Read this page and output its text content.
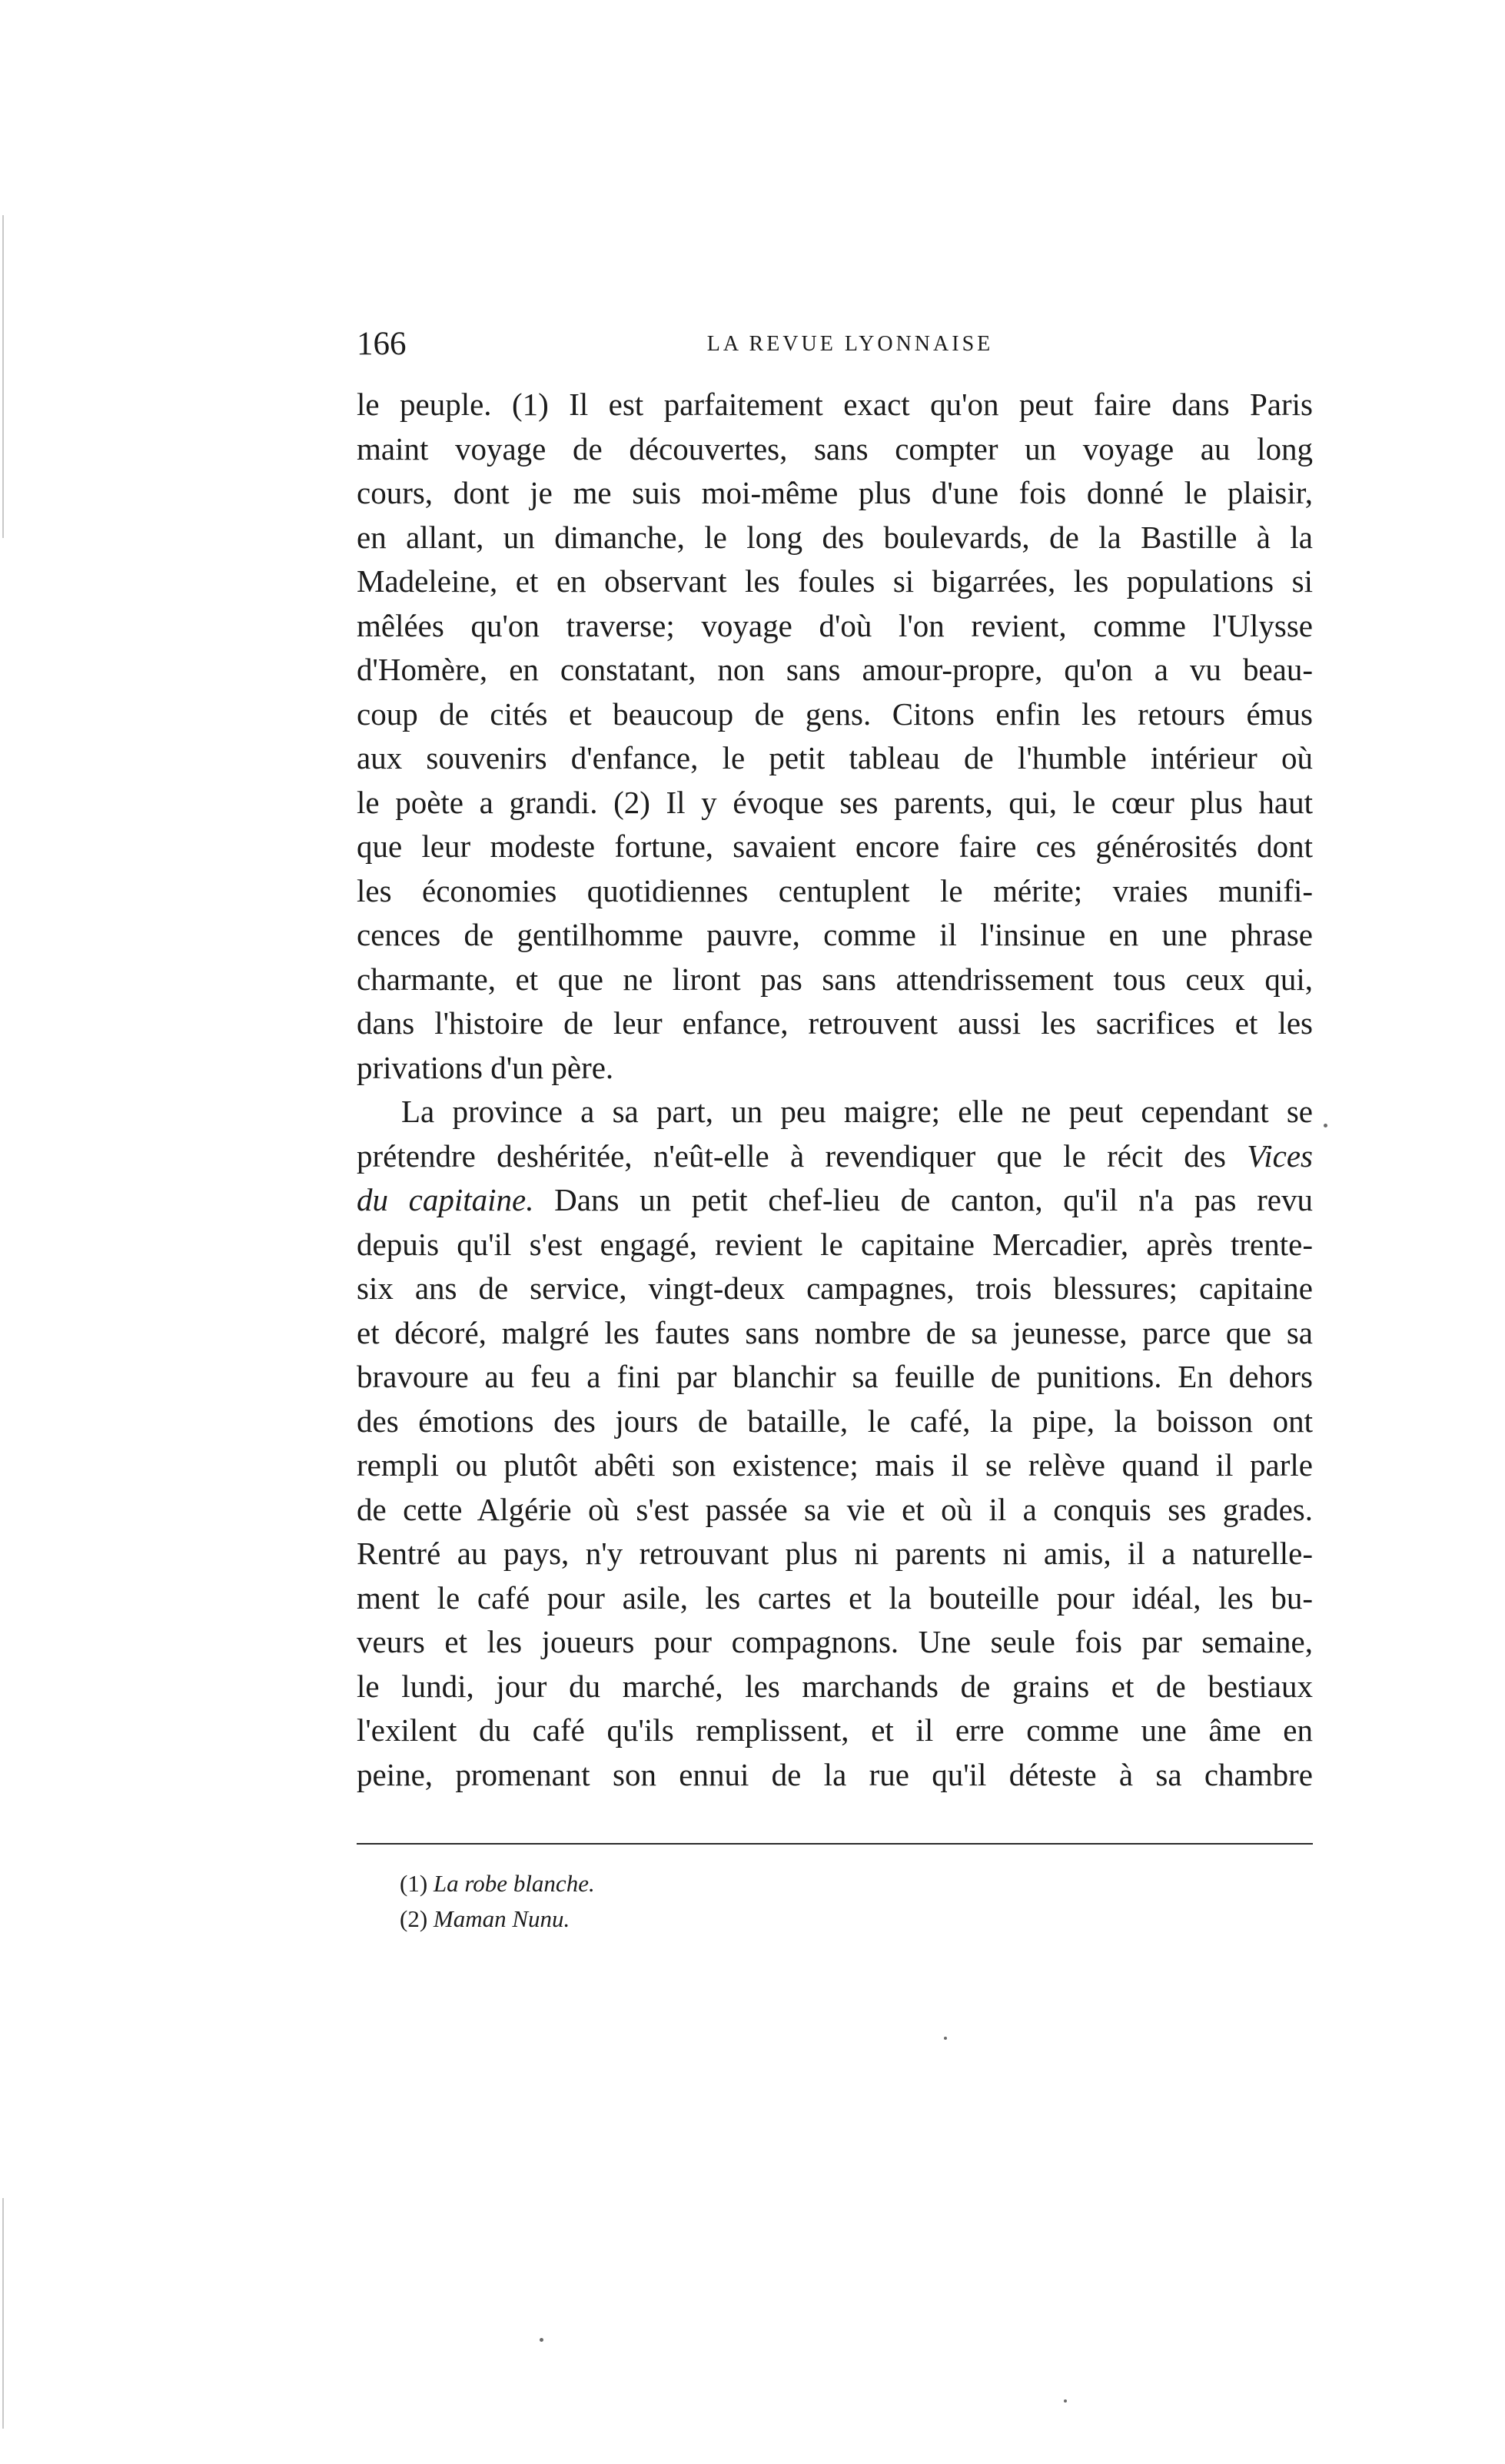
166	LA REVUE LYONNAISE
le peuple. (1) Il est parfaitement exact qu'on peut faire dans Paris
maint voyage de découvertes, sans compter un voyage au long
cours, dont je me suis moi-même plus d'une fois donné le plaisir,
en allant, un dimanche, le long des boulevards, de la Bastille à la
Madeleine, et en observant les foules si bigarrées, les populations si
mêlées qu'on traverse; voyage d'où l'on revient, comme l'Ulysse
d'Homère, en constatant, non sans amour-propre, qu'on a vu beau-
coup de cités et beaucoup de gens. Citons enfin les retours émus
aux souvenirs d'enfance, le petit tableau de l'humble intérieur où
le poète a grandi. (2) Il y évoque ses parents, qui, le cœur plus haut
que leur modeste fortune, savaient encore faire ces générosités dont
les économies quotidiennes centuplent le mérite; vraies munifi-
cences de gentilhomme pauvre, comme il l'insinue en une phrase
charmante, et que ne liront pas sans attendrissement tous ceux qui,
dans l'histoire de leur enfance, retrouvent aussi les sacrifices et les
privations d'un père.
La province a sa part, un peu maigre; elle ne peut cependant se
prétendre deshéritée, n'eût-elle à revendiquer que le récit des Vices
du capitaine. Dans un petit chef-lieu de canton, qu'il n'a pas revu
depuis qu'il s'est engagé, revient le capitaine Mercadier, après trente-
six ans de service, vingt-deux campagnes, trois blessures; capitaine
et décoré, malgré les fautes sans nombre de sa jeunesse, parce que sa
bravoure au feu a fini par blanchir sa feuille de punitions. En dehors
des émotions des jours de bataille, le café, la pipe, la boisson ont
rempli ou plutôt abêti son existence; mais il se relève quand il parle
de cette Algérie où s'est passée sa vie et où il a conquis ses grades.
Rentré au pays, n'y retrouvant plus ni parents ni amis, il a naturelle-
ment le café pour asile, les cartes et la bouteille pour idéal, les bu-
veurs et les joueurs pour compagnons. Une seule fois par semaine,
le lundi, jour du marché, les marchands de grains et de bestiaux
l'exilent du café qu'ils remplissent, et il erre comme une âme en
peine, promenant son ennui de la rue qu'il déteste à sa chambre
(1) La robe blanche.
(2) Maman Nunu.
